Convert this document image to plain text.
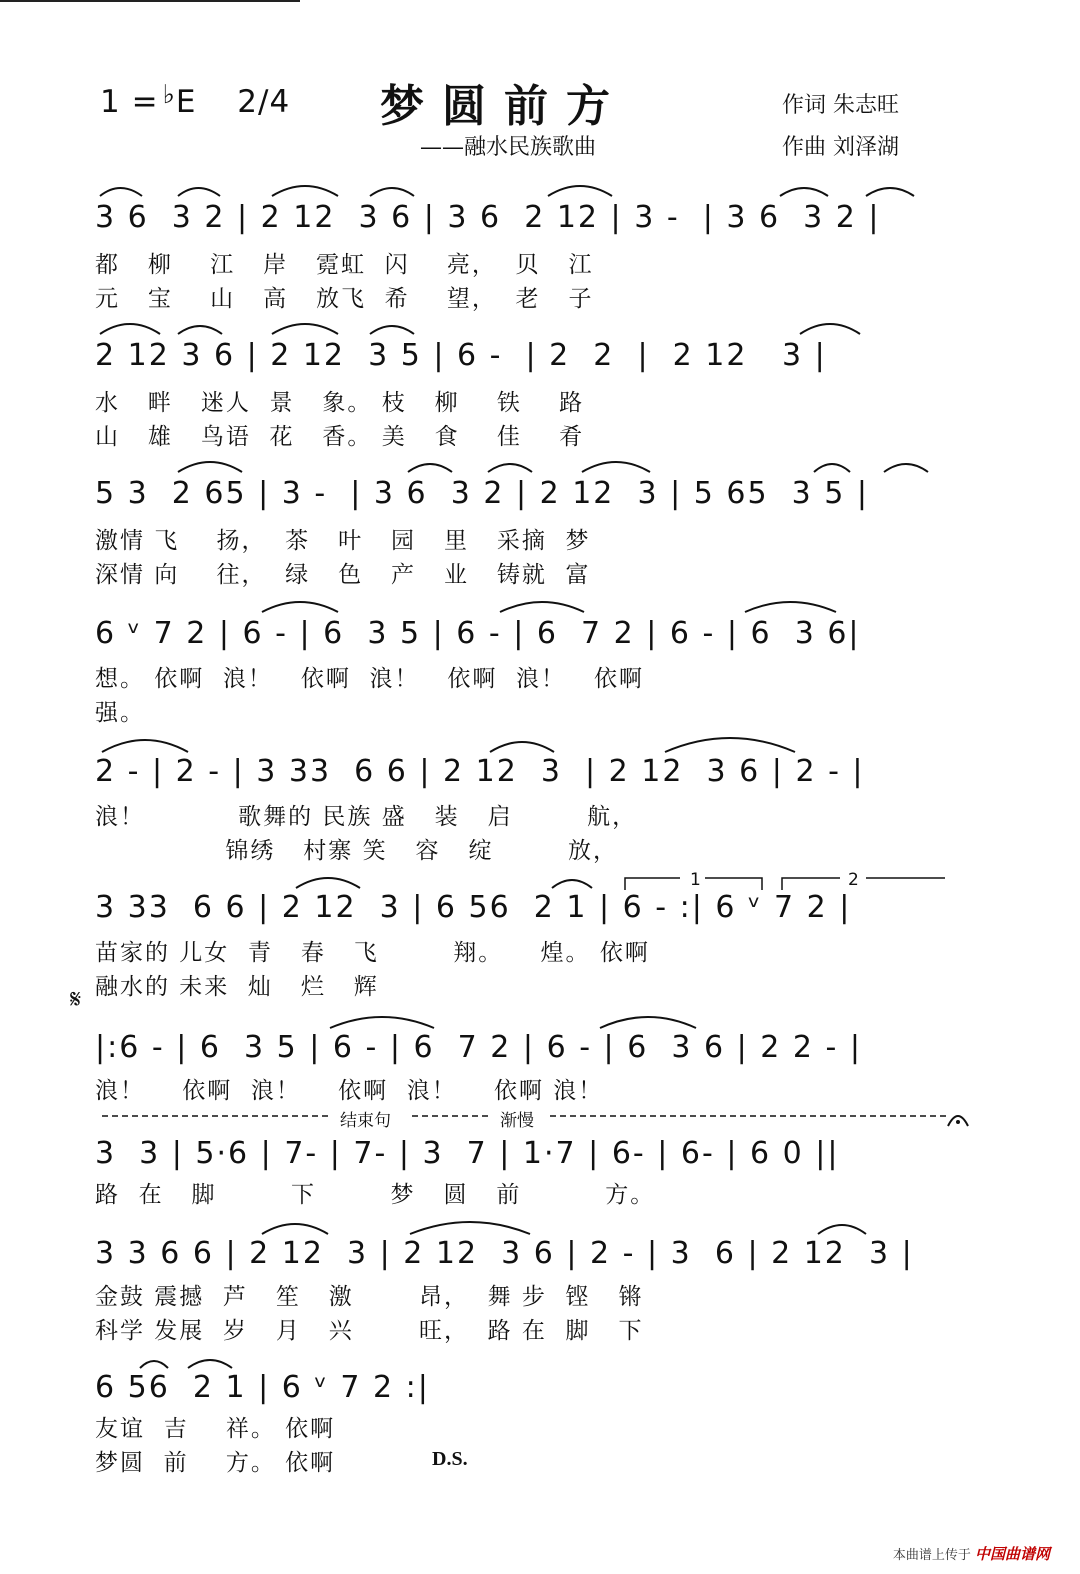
1 = ♭E 2/4 梦圆前方
——融水民族歌曲
作词 朱志旺
作曲 刘泽湖
3 6  3 2 | 2 12  3 6 | 3 6  2 12 | 3 -  | 3 6  3 2 |
都   柳    江   岸   霓虹  闪    亮，  贝   江
元   宝    山   高   放飞  希    望，  老   子
2 12 3 6 | 2 12  3 5 | 6 -  | 2  2  |  2 12   3 |
水   畔   迷人  景   象。 枝   柳    铁    路
山   雄   鸟语  花   香。 美   食    佳    肴
5 3  2 65 | 3 -  | 3 6  3 2 | 2 12  3 | 5 65  3 5 |
激情 飞    扬，  茶   叶   园   里   采摘  梦
深情 向    往，  绿   色   产   业   铸就  富
6 ᵛ 7 2 | 6 - | 6  3 5 | 6 - | 6  7 2 | 6 - | 6  3 6|
想。 依啊  浪！   依啊  浪！   依啊  浪！   依啊
强。
2 - | 2 - | 3 33  6 6 | 2 12  3  | 2 12  3 6 | 2 - |
浪！          歌舞的 民族 盛   装   启        航，
锦绣   村寨 笑   容   绽        放，
3 33  6 6 | 2 12  3 | 6 56  2 1 | 6 - :| 6 ᵛ 7 2 |
苗家的 儿女  青   春   飞        翔。    煌。 依啊
融水的 未来  灿   烂   辉
1	2
𝄋
|:6 - | 6  3 5 | 6 - | 6  7 2 | 6 - | 6  3 6 | 2 2 - |
浪！    依啊  浪！    依啊  浪！    依啊 浪！
结束句	渐慢
3  3 | 5·6 | 7- | 7- | 3  7 | 1·7 | 6- | 6- | 6 0 ||
路  在   脚        下        梦   圆   前         方。
3 3 6 6 | 2 12  3 | 2 12  3 6 | 2 - | 3  6 | 2 12  3 |
金鼓 震撼  芦   笙   激       昂，  舞 步  铿   锵
科学 发展  岁   月   兴       旺，  路 在  脚   下
6 56  2 1 | 6 ᵛ 7 2 :|
友谊  吉    祥。 依啊
梦圆  前    方。 依啊	D.S.
本曲谱上传于 中国曲谱网
